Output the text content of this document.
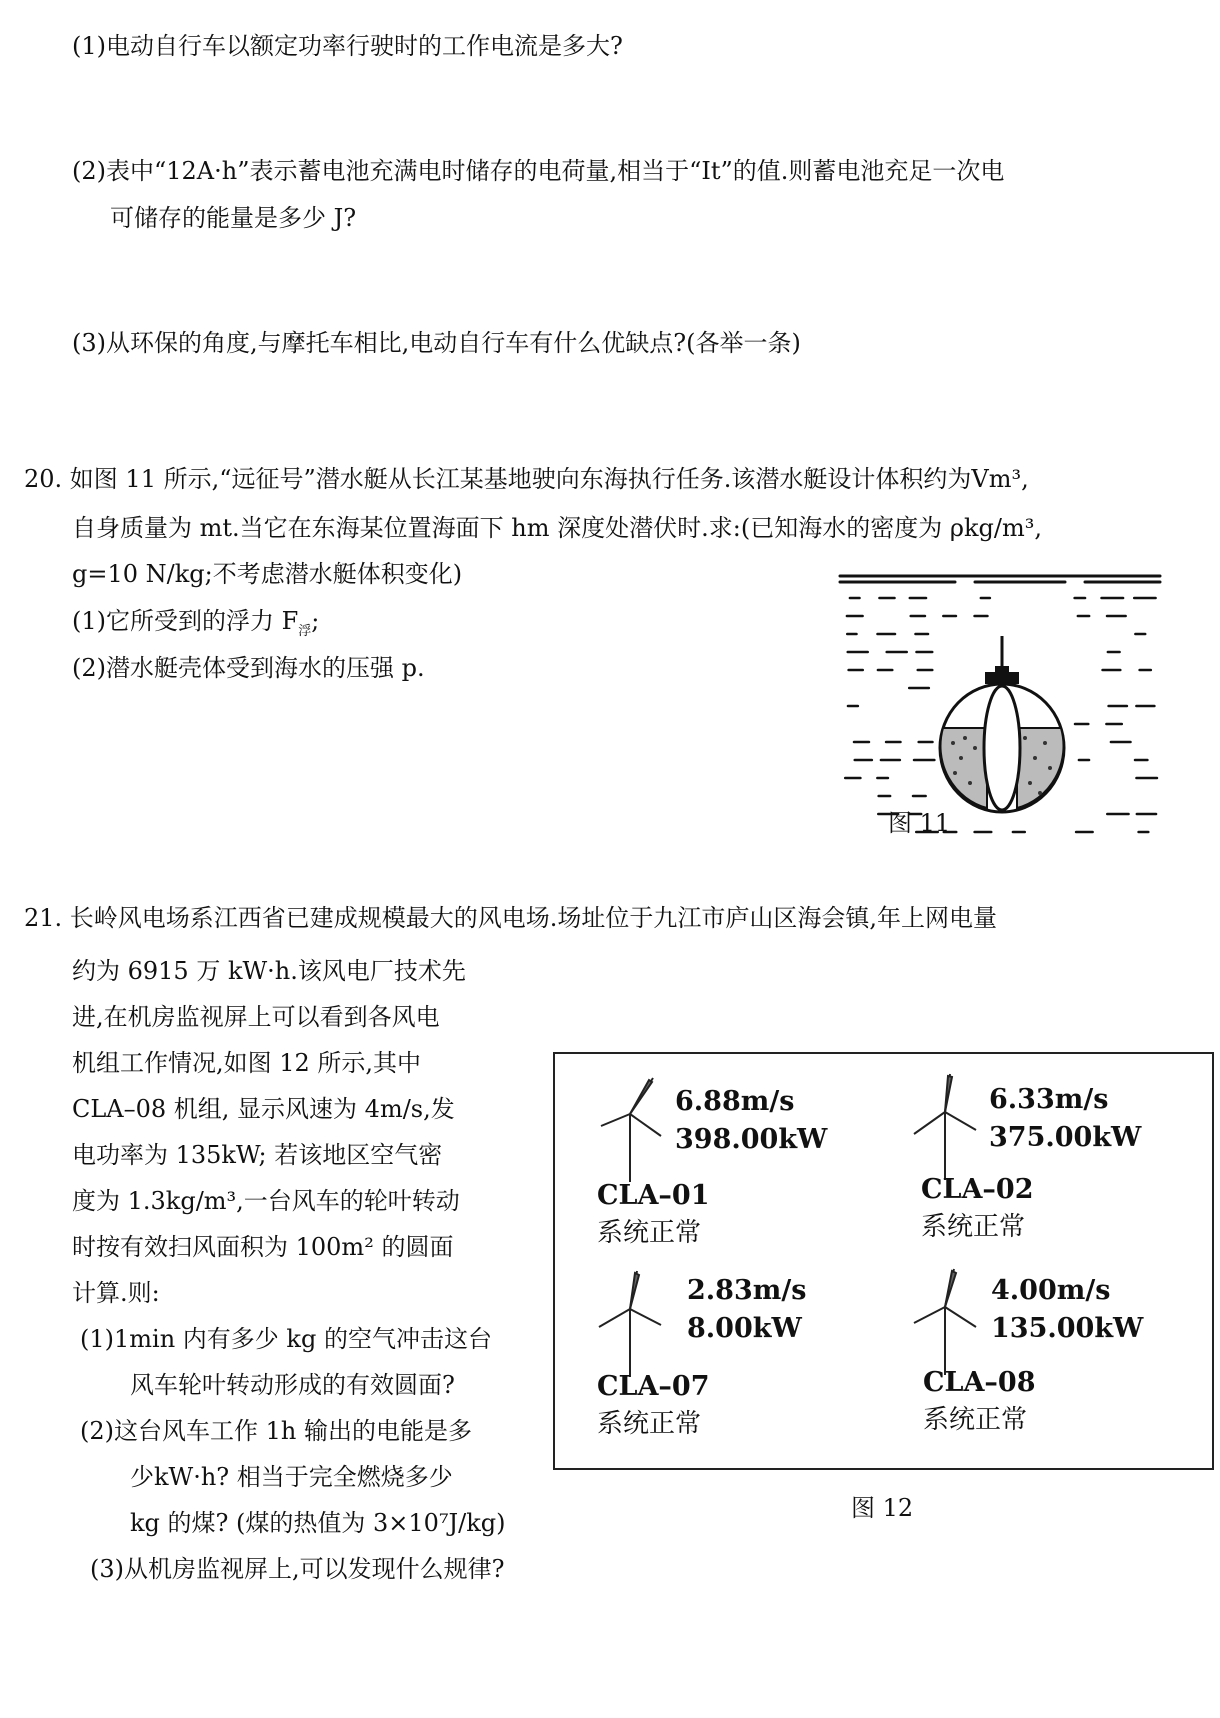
(1)电动自行车以额定功率行驶时的工作电流是多大?
(2)表中“12A·h”表示蓄电池充满电时储存的电荷量,相当于“It”的值.则蓄电池充足一次电
可储存的能量是多少 J?
(3)从环保的角度,与摩托车相比,电动自行车有什么优缺点?(各举一条)
20. 如图 11 所示,“远征号”潜水艇从长江某基地驶向东海执行任务.该潜水艇设计体积约为Vm³,
自身质量为 mt.当它在东海某位置海面下 hm 深度处潜伏时.求:(已知海水的密度为 ρkg/m³,
g=10 N/kg;不考虑潜水艇体积变化)
(1)它所受到的浮力 $F_浮$;
(2)潜水艇壳体受到海水的压强 p.
图 11
21. 长岭风电场系江西省已建成规模最大的风电场.场址位于九江市庐山区海会镇,年上网电量
约为 6915 万 kW·h.该风电厂技术先
进,在机房监视屏上可以看到各风电
机组工作情况,如图 12 所示,其中
CLA–08 机组, 显示风速为 4m/s,发
电功率为 135kW; 若该地区空气密
度为 1.3kg/m³,一台风车的轮叶转动
时按有效扫风面积为 100m² 的圆面
计算.则:
(1)1min 内有多少 kg 的空气冲击这台
风车轮叶转动形成的有效圆面?
(2)这台风车工作 1h 输出的电能是多
少kW·h? 相当于完全燃烧多少
kg 的煤? (煤的热值为 3×10⁷J/kg)
(3)从机房监视屏上,可以发现什么规律?
6.88m/s
398.00kW
CLA–01
系统正常
6.33m/s
375.00kW
CLA–02
系统正常
2.83m/s
8.00kW
CLA–07
系统正常
4.00m/s
135.00kW
CLA–08
系统正常
图 12
